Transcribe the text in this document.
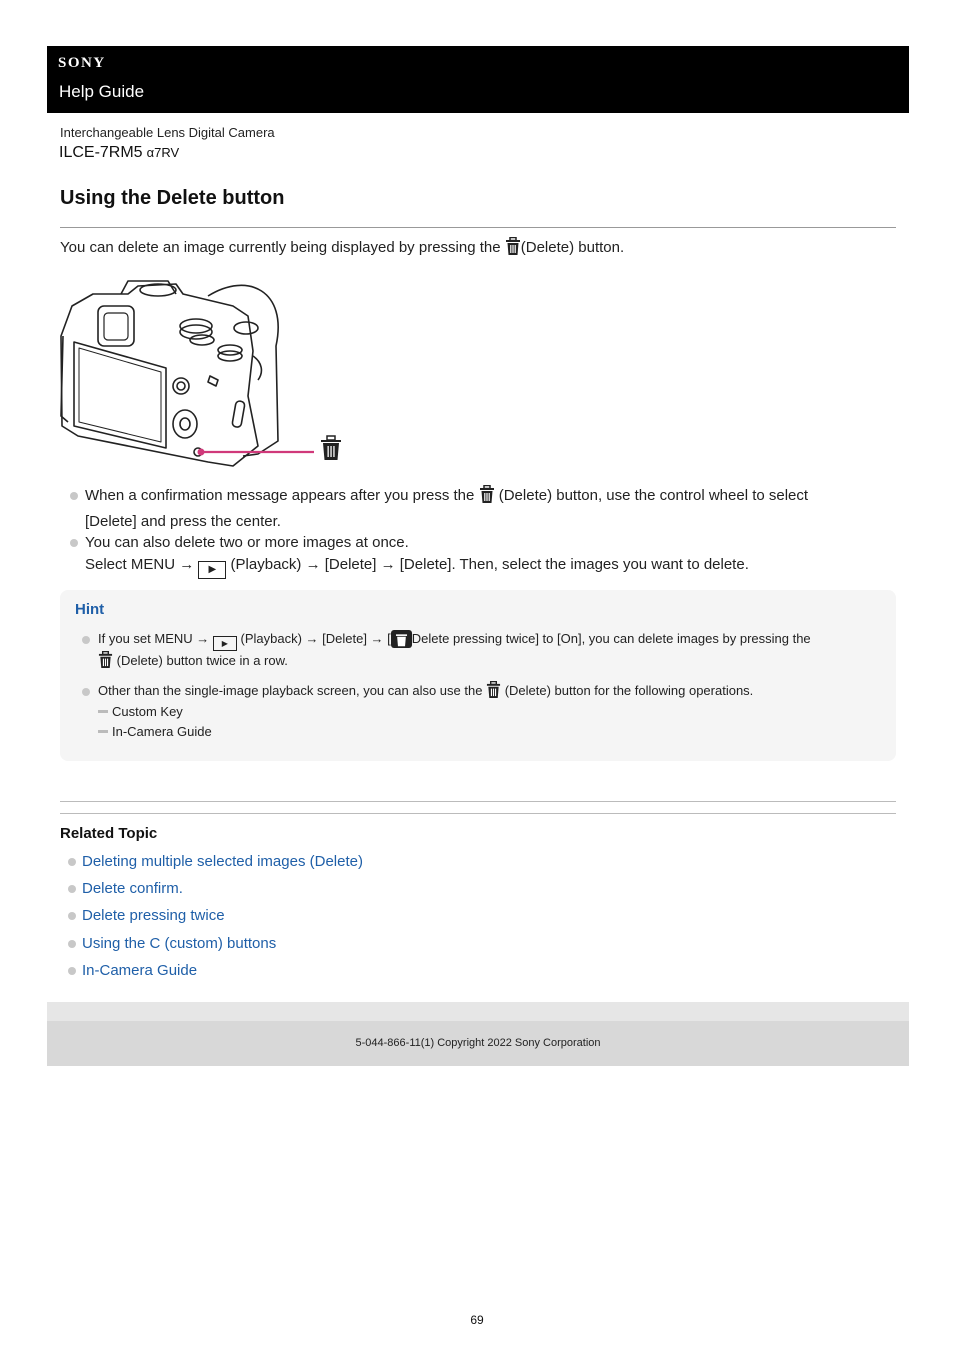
SONY
Help Guide
Interchangeable Lens Digital Camera
ILCE-7RM5 α7RV
Using the Delete button
You can delete an image currently being displayed by pressing the (Delete) button.
When a confirmation message appears after you press the (Delete) button, use the control wheel to select
[Delete] and press the center.
You can also delete two or more images at once.
Select MENU → ▶ (Playback) → [Delete] → [Delete]. Then, select the images you want to delete.
Hint
If you set MENU → ▶ (Playback) → [Delete] → [ Delete pressing twice] to [On], you can delete images by pressing the
(Delete) button twice in a row.
Other than the single-image playback screen, you can also use the (Delete) button for the following operations.
Custom Key
In-Camera Guide
Related Topic
Deleting multiple selected images (Delete)
Delete confirm.
Delete pressing twice
Using the C (custom) buttons
In-Camera Guide
5-044-866-11(1) Copyright 2022 Sony Corporation
69
